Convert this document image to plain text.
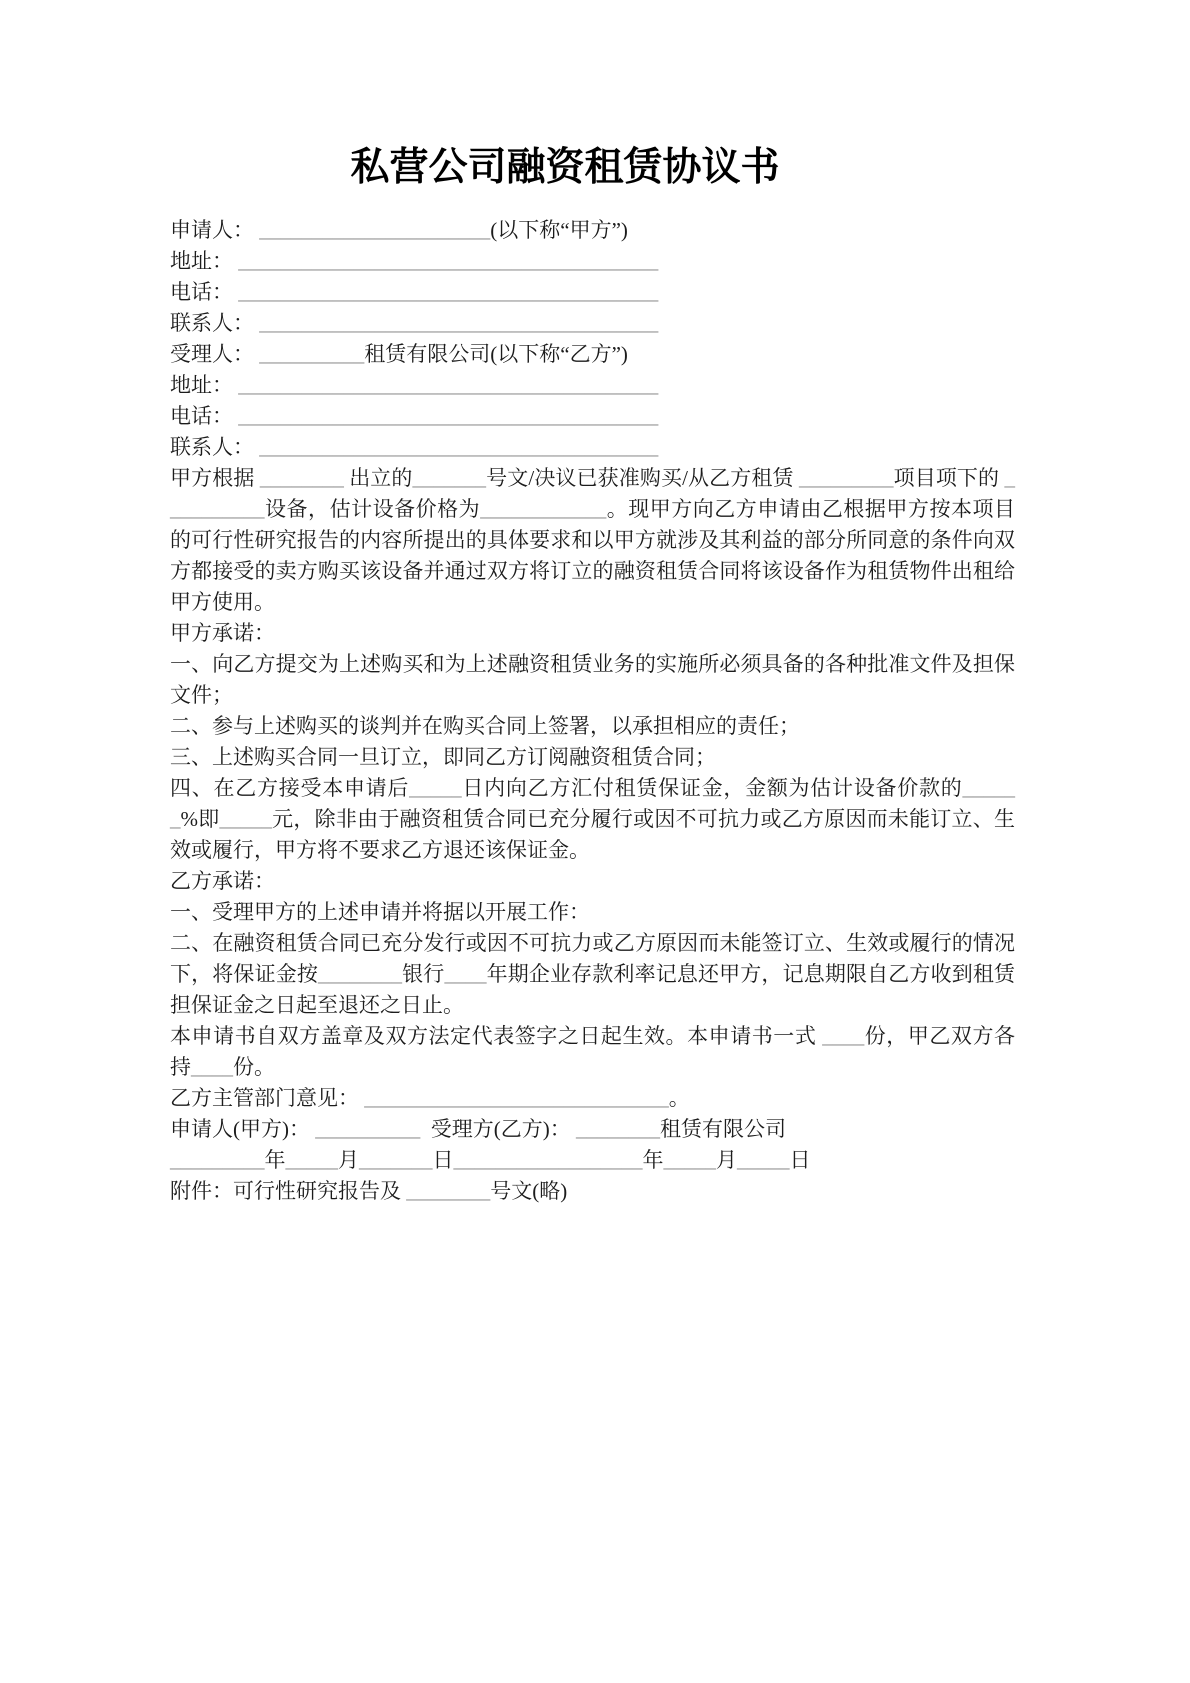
私营公司融资租赁协议书

申请人： ______________________(以下称“甲方”)

地址： ________________________________________

电话： ________________________________________

联系人： ______________________________________

受理人： __________租赁有限公司(以下称“乙方”)

地址： ________________________________________

电话： ________________________________________

联系人： ______________________________________

甲方根据 ________ 出立的_______号文/决议已获准购买/从乙方租赁 _________项目项下的 __________设备，估计设备价格为____________。现甲方向乙方申请由乙根据甲方按本项目的可行性研究报告的内容所提出的具体要求和以甲方就涉及其利益的部分所同意的条件向双方都接受的卖方购买该设备并通过双方将订立的融资租赁合同将该设备作为租赁物件出租给甲方使用。

甲方承诺：

一、向乙方提交为上述购买和为上述融资租赁业务的实施所必须具备的各种批准文件及担保文件；

二、参与上述购买的谈判并在购买合同上签署，以承担相应的责任；

三、上述购买合同一旦订立，即同乙方订阅融资租赁合同；

四、在乙方接受本申请后_____日内向乙方汇付租赁保证金，金额为估计设备价款的______%即_____元，除非由于融资租赁合同已充分履行或因不可抗力或乙方原因而未能订立、生效或履行，甲方将不要求乙方退还该保证金。

乙方承诺：

一、受理甲方的上述申请并将据以开展工作：

二、在融资租赁合同已充分发行或因不可抗力或乙方原因而未能签订立、生效或履行的情况下，将保证金按________银行____年期企业存款利率记息还甲方，记息期限自乙方收到租赁担保证金之日起至退还之日止。

本申请书自双方盖章及双方法定代表签字之日起生效。本申请书一式 ____份，甲乙双方各持____份。

乙方主管部门意见： _____________________________。

申请人(甲方)： __________  受理方(乙方)： ________租赁有限公司

_________年_____月_______日__________________年_____月_____日

附件：可行性研究报告及 ________号文(略)
